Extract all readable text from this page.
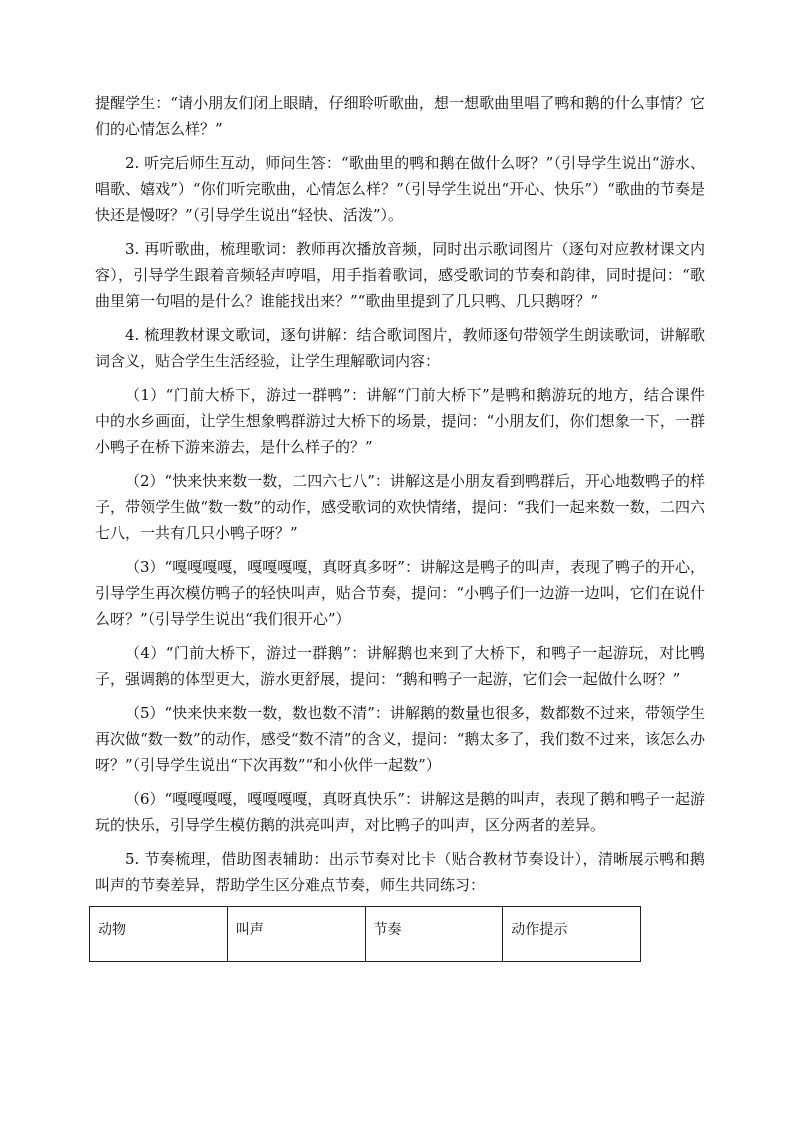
提醒学生：“请小朋友们闭上眼睛，仔细聆听歌曲，想一想歌曲里唱了鸭和鹅的什么事情？它们的心情怎么样？”

2. 听完后师生互动，师问生答：“歌曲里的鸭和鹅在做什么呀？”（引导学生说出“游水、唱歌、嬉戏”）“你们听完歌曲，心情怎么样？”（引导学生说出“开心、快乐”）“歌曲的节奏是快还是慢呀？”（引导学生说出“轻快、活泼”）。

3. 再听歌曲，梳理歌词：教师再次播放音频，同时出示歌词图片（逐句对应教材课文内容），引导学生跟着音频轻声哼唱，用手指着歌词，感受歌词的节奏和韵律，同时提问：“歌曲里第一句唱的是什么？谁能找出来？”“歌曲里提到了几只鸭、几只鹅呀？”

4. 梳理教材课文歌词，逐句讲解：结合歌词图片，教师逐句带领学生朗读歌词，讲解歌词含义，贴合学生生活经验，让学生理解歌词内容：

（1）“门前大桥下，游过一群鸭”：讲解“门前大桥下”是鸭和鹅游玩的地方，结合课件中的水乡画面，让学生想象鸭群游过大桥下的场景，提问：“小朋友们，你们想象一下，一群小鸭子在桥下游来游去，是什么样子的？”

（2）“快来快来数一数，二四六七八”：讲解这是小朋友看到鸭群后，开心地数鸭子的样子，带领学生做“数一数”的动作，感受歌词的欢快情绪，提问：“我们一起来数一数，二四六七八，一共有几只小鸭子呀？”

（3）“嘎嘎嘎嘎，嘎嘎嘎嘎，真呀真多呀”：讲解这是鸭子的叫声，表现了鸭子的开心，引导学生再次模仿鸭子的轻快叫声，贴合节奏，提问：“小鸭子们一边游一边叫，它们在说什么呀？”（引导学生说出“我们很开心”）

（4）“门前大桥下，游过一群鹅”：讲解鹅也来到了大桥下，和鸭子一起游玩，对比鸭子，强调鹅的体型更大，游水更舒展，提问：“鹅和鸭子一起游，它们会一起做什么呀？”

（5）“快来快来数一数，数也数不清”：讲解鹅的数量也很多，数都数不过来，带领学生再次做“数一数”的动作，感受“数不清”的含义，提问：“鹅太多了，我们数不过来，该怎么办呀？”（引导学生说出“下次再数”“和小伙伴一起数”）

（6）“嘎嘎嘎嘎，嘎嘎嘎嘎，真呀真快乐”：讲解这是鹅的叫声，表现了鹅和鸭子一起游玩的快乐，引导学生模仿鹅的洪亮叫声，对比鸭子的叫声，区分两者的差异。

5. 节奏梳理，借助图表辅助：出示节奏对比卡（贴合教材节奏设计），清晰展示鸭和鹅叫声的节奏差异，帮助学生区分难点节奏，师生共同练习：

动物	叫声	节奏	动作提示
